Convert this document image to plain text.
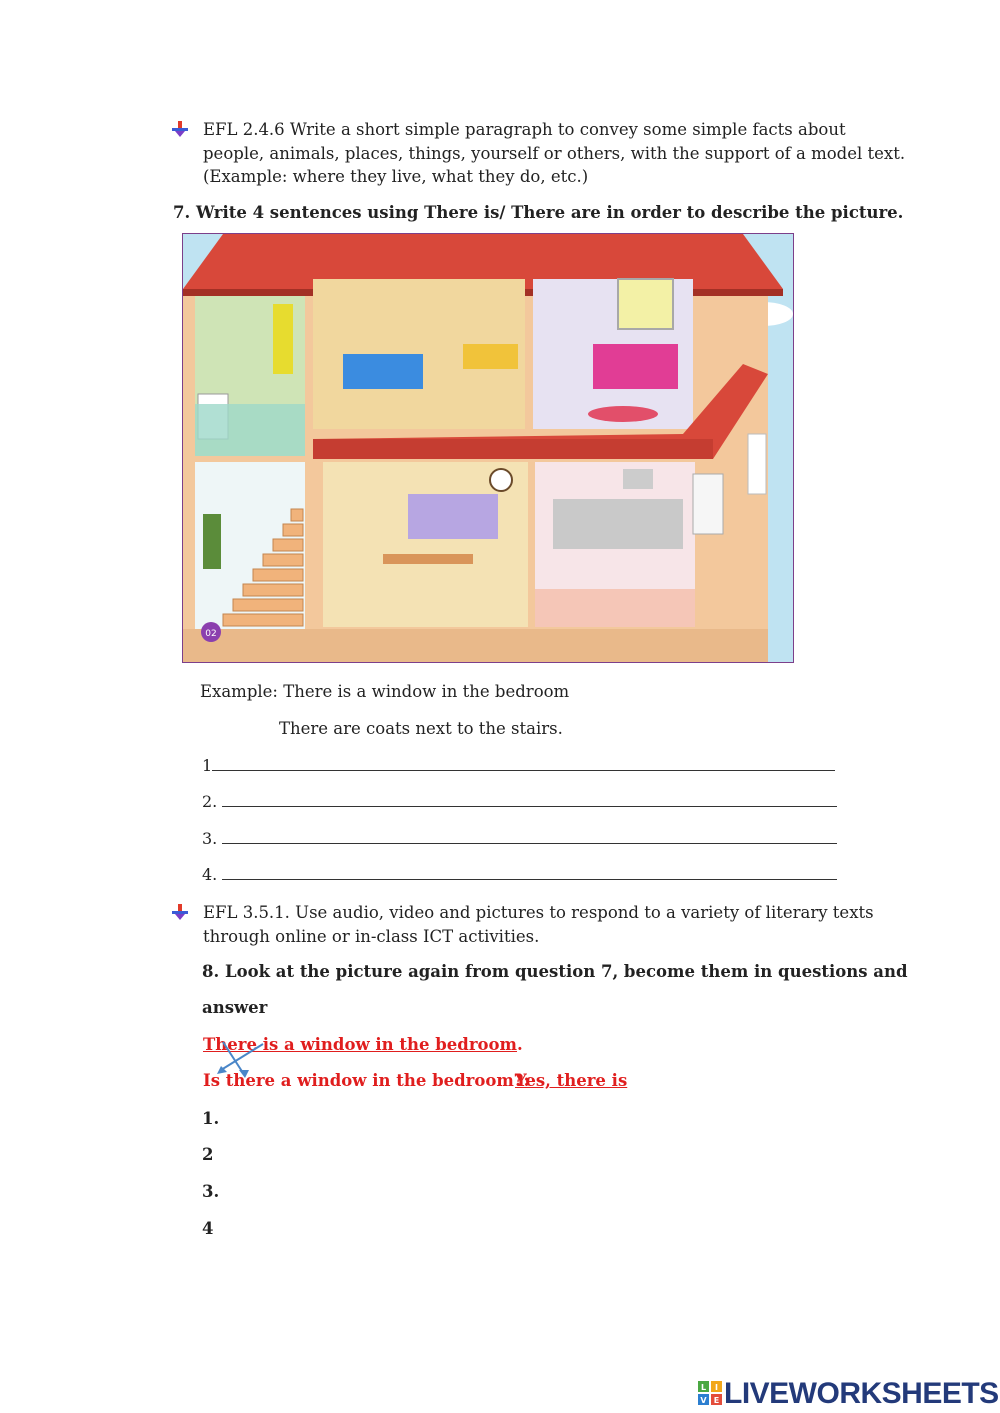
EFL 2.4.6 Write a short simple paragraph to convey some simple facts about
people, animals, places, things, yourself or others, with the support of a model text.
(Example: where they live, what they do, etc.)
7. Write 4 sentences using There is/ There are in order to describe the picture.
02
Example: There is a window in the bedroom
There are coats next to the stairs.
1
2.
3.
4.
EFL 3.5.1. Use audio, video and pictures to respond to a variety of literary texts
through online or in-class ICT activities.
8. Look at the picture again from question 7, become them in questions and
answer
There is a window in the bedroom.
Is there a window in the bedroom?:
Yes, there is
1.
2
3.
4
L I
V E LIVEWORKSHEETS
